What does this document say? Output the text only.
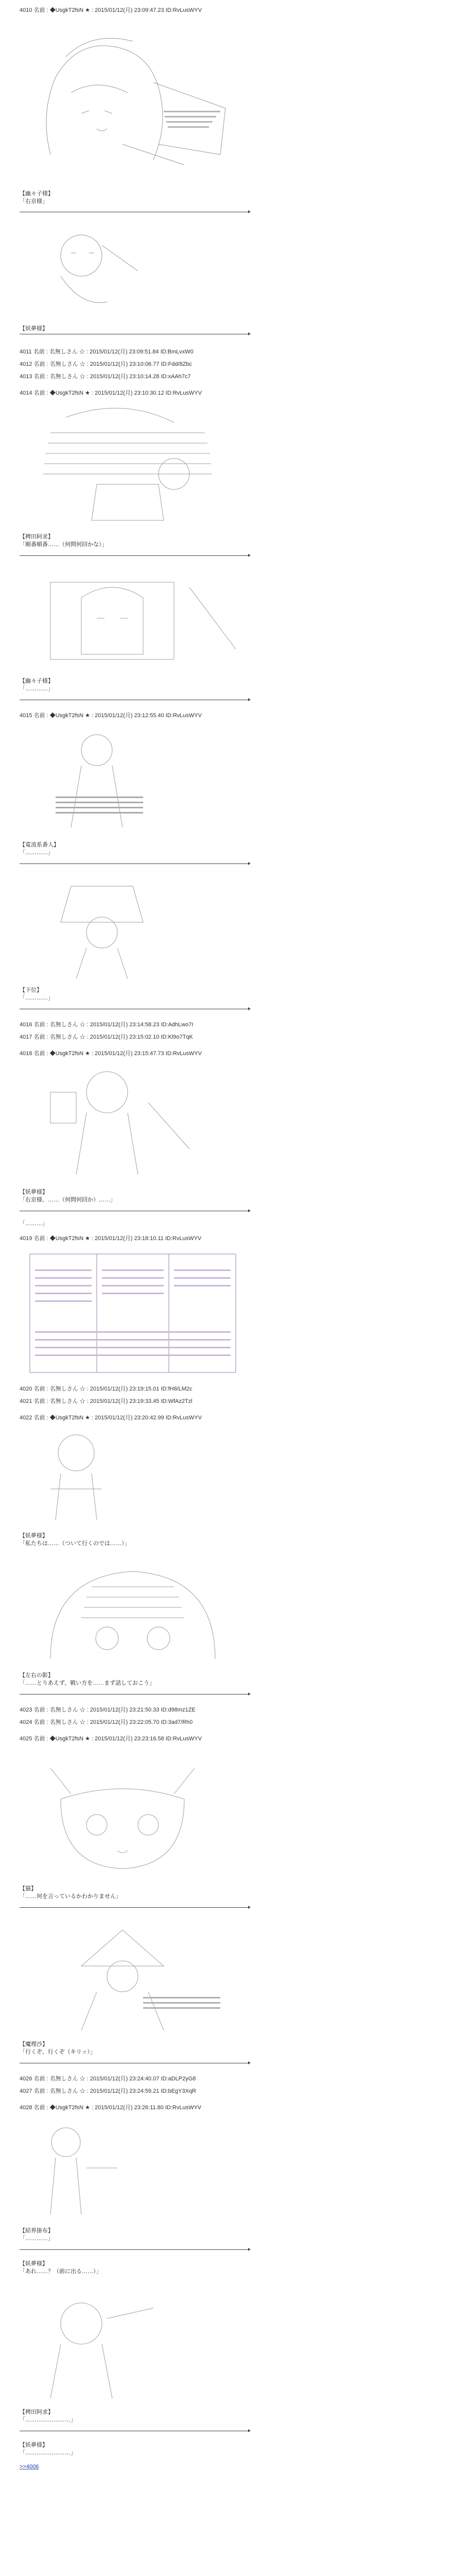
4010 名前 : ◆UsgkT2fsN ★ : 2015/01/12(月) 23:09:47.23 ID:RvLusWYV
【幽々子様】
「右京様」
【妖夢様】
4011 名前 : 名無しさん ☆ : 2015/01/12(月) 23:09:51.84 ID:BmLvxW0
4012 名前 : 名無しさん ☆ : 2015/01/12(月) 23:10:06.77 ID:Fdd/8Zbc
4013 名前 : 名無しさん ☆ : 2015/01/12(月) 23:10:14.28 ID:xAAh7c7
4014 名前 : ◆UsgkT2fsN ★ : 2015/01/12(月) 23:10:30.12 ID:RvLusWYV
【稗田阿求】
「順番順番……（何問何回かな）」
【幽々子様】
「…………」
4015 名前 : ◆UsgkT2fsN ★ : 2015/01/12(月) 23:12:55.40 ID:RvLusWYV
【電流系番人】
「…………」
【下位】
「…………」
4016 名前 : 名無しさん ☆ : 2015/01/12(月) 23:14:58.23 ID:AdhLwo7I
4017 名前 : 名無しさん ☆ : 2015/01/12(月) 23:15:02.10 ID:Kl9o7TqK
4018 名前 : ◆UsgkT2fsN ★ : 2015/01/12(月) 23:15:47.73 ID:RvLusWYV
【妖夢様】
「右京様、……（何問何回か）……」
「………」
4019 名前 : ◆UsgkT2fsN ★ : 2015/01/12(月) 23:18:10.11 ID:RvLusWYV
4020 名前 : 名無しさん ☆ : 2015/01/12(月) 23:19:15.01 ID:fH8/LM2c
4021 名前 : 名無しさん ☆ : 2015/01/12(月) 23:19:33.45 ID:WfAz2Tzl
4022 名前 : ◆UsgkT2fsN ★ : 2015/01/12(月) 23:20:42.99 ID:RvLusWYV
【妖夢様】
「私たちは……（ついて行くのでは……）」
【左右の影】
「……とりあえず、戦い方を……まず話しておこう」
4023 名前 : 名無しさん ☆ : 2015/01/12(月) 23:21:50.33 ID:d98mz1ZE
4024 名前 : 名無しさん ☆ : 2015/01/12(月) 23:22:05.70 ID:3ad7/Rh0
4025 名前 : ◆UsgkT2fsN ★ : 2015/01/12(月) 23:23:16.58 ID:RvLusWYV
【猫】
「……何を言っているかわかりません」
【魔理沙】
「行くぞ、行くぞ（キリッ）」
4026 名前 : 名無しさん ☆ : 2015/01/12(月) 23:24:40.07 ID:aDLP2yG8
4027 名前 : 名無しさん ☆ : 2015/01/12(月) 23:24:59.21 ID:bEgY3XqR
4028 名前 : ◆UsgkT2fsN ★ : 2015/01/12(月) 23:26:11.80 ID:RvLusWYV
【結界掛布】
「…………」
【妖夢様】
「あれ……？（前に出る……）」
【稗田阿求】
「……………………」
【妖夢様】
「……………………」
>>4006
